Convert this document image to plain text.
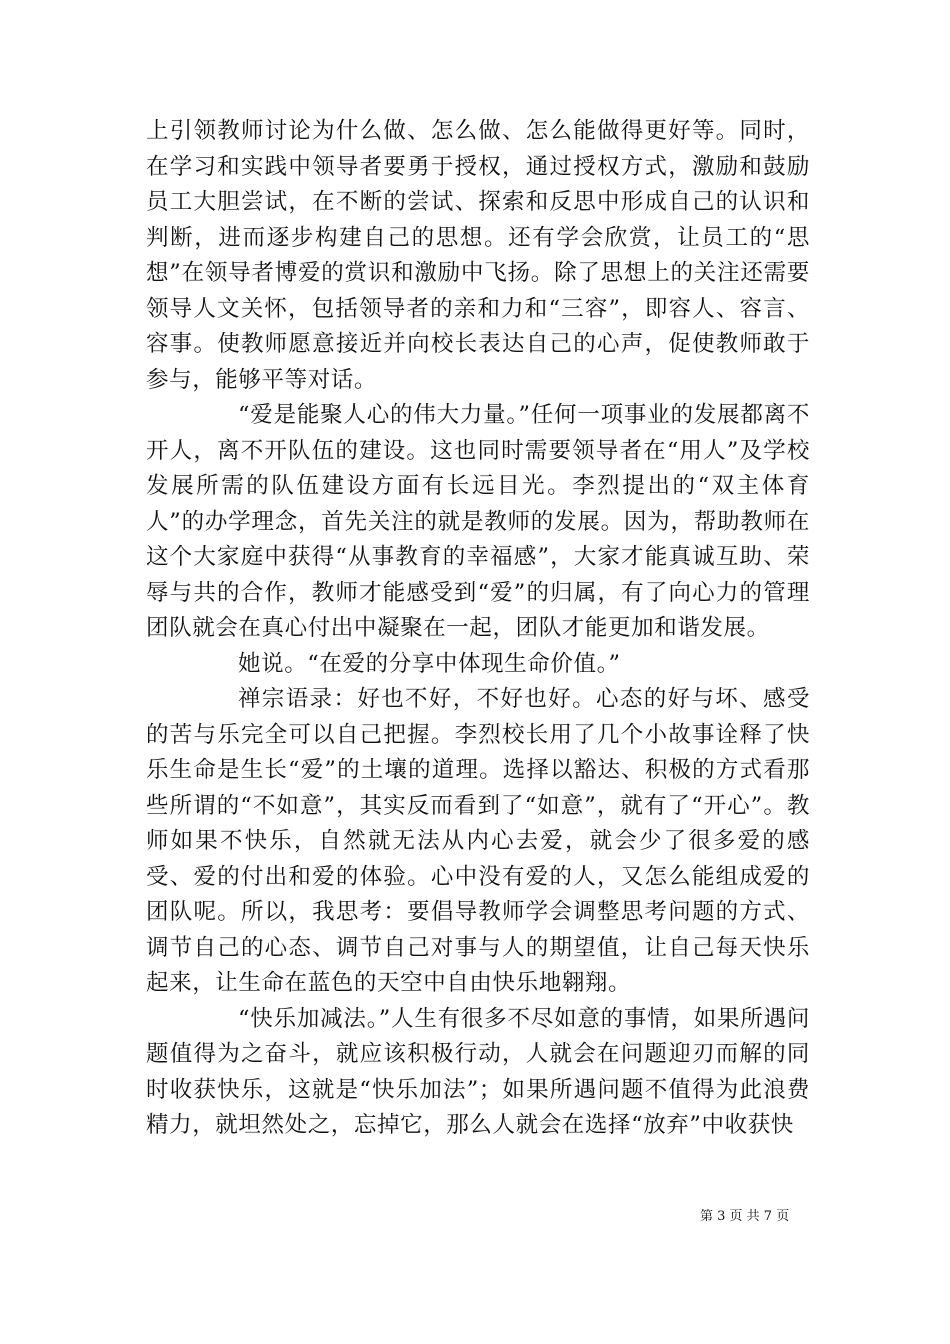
上引领教师讨论为什么做、怎么做、怎么能做得更好等。同时，在学习和实践中领导者要勇于授权，通过授权方式，激励和鼓励员工大胆尝试，在不断的尝试、探索和反思中形成自己的认识和判断，进而逐步构建自己的思想。还有学会欣赏，让员工的“思想”在领导者博爱的赏识和激励中飞扬。除了思想上的关注还需要领导人文关怀，包括领导者的亲和力和“三容”，即容人、容言、容事。使教师愿意接近并向校长表达自己的心声，促使教师敢于参与，能够平等对话。

“爱是能聚人心的伟大力量。”任何一项事业的发展都离不开人，离不开队伍的建设。这也同时需要领导者在“用人”及学校发展所需的队伍建设方面有长远目光。李烈提出的“双主体育人”的办学理念，首先关注的就是教师的发展。因为，帮助教师在这个大家庭中获得“从事教育的幸福感”，大家才能真诚互助、荣辱与共的合作，教师才能感受到“爱”的归属，有了向心力的管理团队就会在真心付出中凝聚在一起，团队才能更加和谐发展。

她说。“在爱的分享中体现生命价值。”

禅宗语录：好也不好，不好也好。心态的好与坏、感受的苦与乐完全可以自己把握。李烈校长用了几个小故事诠释了快乐生命是生长“爱”的土壤的道理。选择以豁达、积极的方式看那些所谓的“不如意”，其实反而看到了“如意”，就有了“开心”。教师如果不快乐，自然就无法从内心去爱，就会少了很多爱的感受、爱的付出和爱的体验。心中没有爱的人，又怎么能组成爱的团队呢。所以，我思考：要倡导教师学会调整思考问题的方式、调节自己的心态、调节自己对事与人的期望值，让自己每天快乐起来，让生命在蓝色的天空中自由快乐地翱翔。

“快乐加减法。”人生有很多不尽如意的事情，如果所遇问题值得为之奋斗，就应该积极行动，人就会在问题迎刃而解的同时收获快乐，这就是“快乐加法”；如果所遇问题不值得为此浪费精力，就坦然处之，忘掉它，那么人就会在选择“放弃”中收获快

第 3 页 共 7 页
